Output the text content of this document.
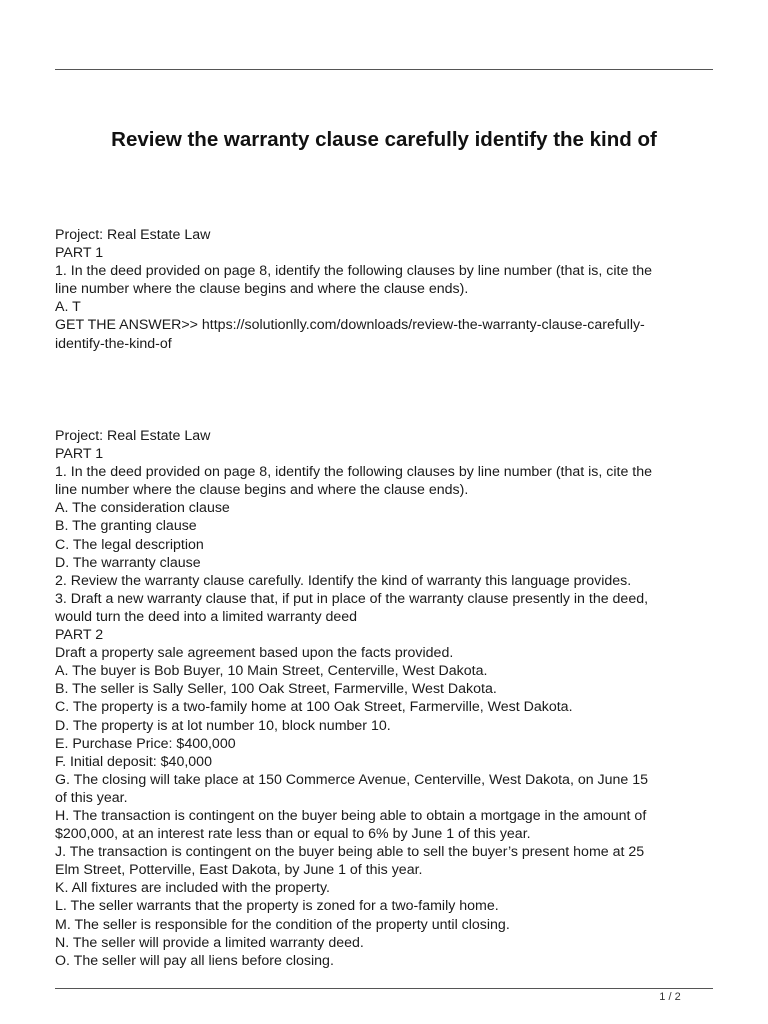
Review the warranty clause carefully identify the kind of
Project: Real Estate Law
PART 1
1. In the deed provided on page 8, identify the following clauses by line number (that is, cite the
line number where the clause begins and where the clause ends).
A. T
GET THE ANSWER>> https://solutionlly.com/downloads/review-the-warranty-clause-carefully-
identify-the-kind-of
Project: Real Estate Law
PART 1
1. In the deed provided on page 8, identify the following clauses by line number (that is, cite the
line number where the clause begins and where the clause ends).
A. The consideration clause
B. The granting clause
C. The legal description
D. The warranty clause
2. Review the warranty clause carefully. Identify the kind of warranty this language provides.
3. Draft a new warranty clause that, if put in place of the warranty clause presently in the deed,
would turn the deed into a limited warranty deed
PART 2
Draft a property sale agreement based upon the facts provided.
A. The buyer is Bob Buyer, 10 Main Street, Centerville, West Dakota.
B. The seller is Sally Seller, 100 Oak Street, Farmerville, West Dakota.
C. The property is a two-family home at 100 Oak Street, Farmerville, West Dakota.
D. The property is at lot number 10, block number 10.
E. Purchase Price: $400,000
F. Initial deposit: $40,000
G. The closing will take place at 150 Commerce Avenue, Centerville, West Dakota, on June 15
of this year.
H. The transaction is contingent on the buyer being able to obtain a mortgage in the amount of
$200,000, at an interest rate less than or equal to 6% by June 1 of this year.
J. The transaction is contingent on the buyer being able to sell the buyer’s present home at 25
Elm Street, Potterville, East Dakota, by June 1 of this year.
K. All fixtures are included with the property.
L. The seller warrants that the property is zoned for a two-family home.
M. The seller is responsible for the condition of the property until closing.
N. The seller will provide a limited warranty deed.
O. The seller will pay all liens before closing.
1 / 2
